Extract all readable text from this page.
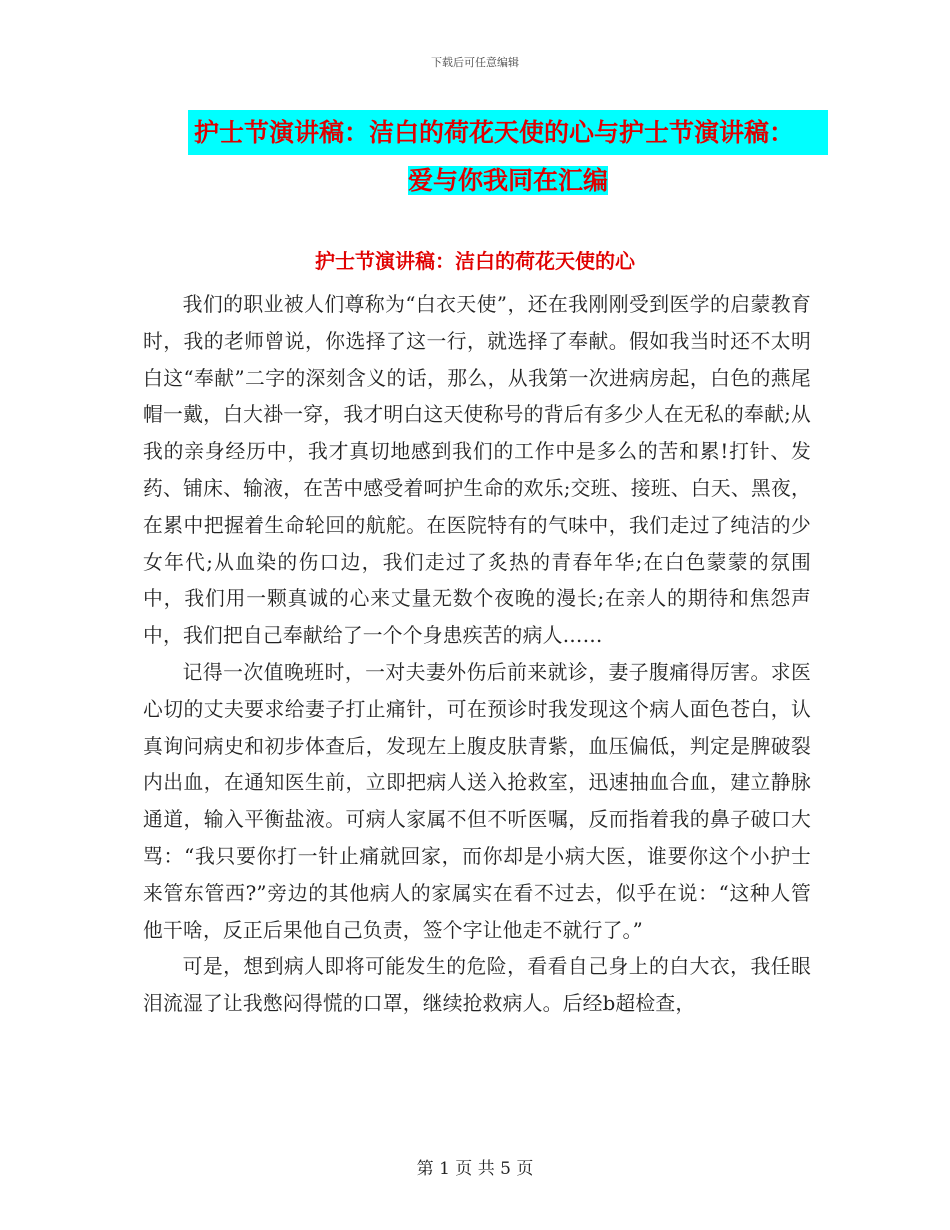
下载后可任意编辑
护士节演讲稿：洁白的荷花天使的心与护士节演讲稿：
爱与你我同在汇编
护士节演讲稿：洁白的荷花天使的心

我们的职业被人们尊称为“白衣天使”，还在我刚刚受到医学的启蒙教育时，我的老师曾说，你选择了这一行，就选择了奉献。假如我当时还不太明白这“奉献”二字的深刻含义的话，那么，从我第一次进病房起，白色的燕尾帽一戴，白大褂一穿，我才明白这天使称号的背后有多少人在无私的奉献;从我的亲身经历中，我才真切地感到我们的工作中是多么的苦和累!打针、发药、铺床、输液，在苦中感受着呵护生命的欢乐;交班、接班、白天、黑夜，在累中把握着生命轮回的航舵。在医院特有的气味中，我们走过了纯洁的少女年代;从血染的伤口边，我们走过了炙热的青春年华;在白色蒙蒙的氛围中，我们用一颗真诚的心来丈量无数个夜晚的漫长;在亲人的期待和焦怨声中，我们把自己奉献给了一个个身患疾苦的病人……

记得一次值晚班时，一对夫妻外伤后前来就诊，妻子腹痛得厉害。求医心切的丈夫要求给妻子打止痛针，可在预诊时我发现这个病人面色苍白，认真询问病史和初步体查后，发现左上腹皮肤青紫，血压偏低，判定是脾破裂内出血，在通知医生前，立即把病人送入抢救室，迅速抽血合血，建立静脉通道，输入平衡盐液。可病人家属不但不听医嘱，反而指着我的鼻子破口大骂：“我只要你打一针止痛就回家，而你却是小病大医，谁要你这个小护士来管东管西?”旁边的其他病人的家属实在看不过去，似乎在说：“这种人管他干啥，反正后果他自己负责，签个字让他走不就行了。”

可是，想到病人即将可能发生的危险，看看自己身上的白大衣，我任眼泪流湿了让我憋闷得慌的口罩，继续抢救病人。后经b超检查，

第 1 页 共 5 页
